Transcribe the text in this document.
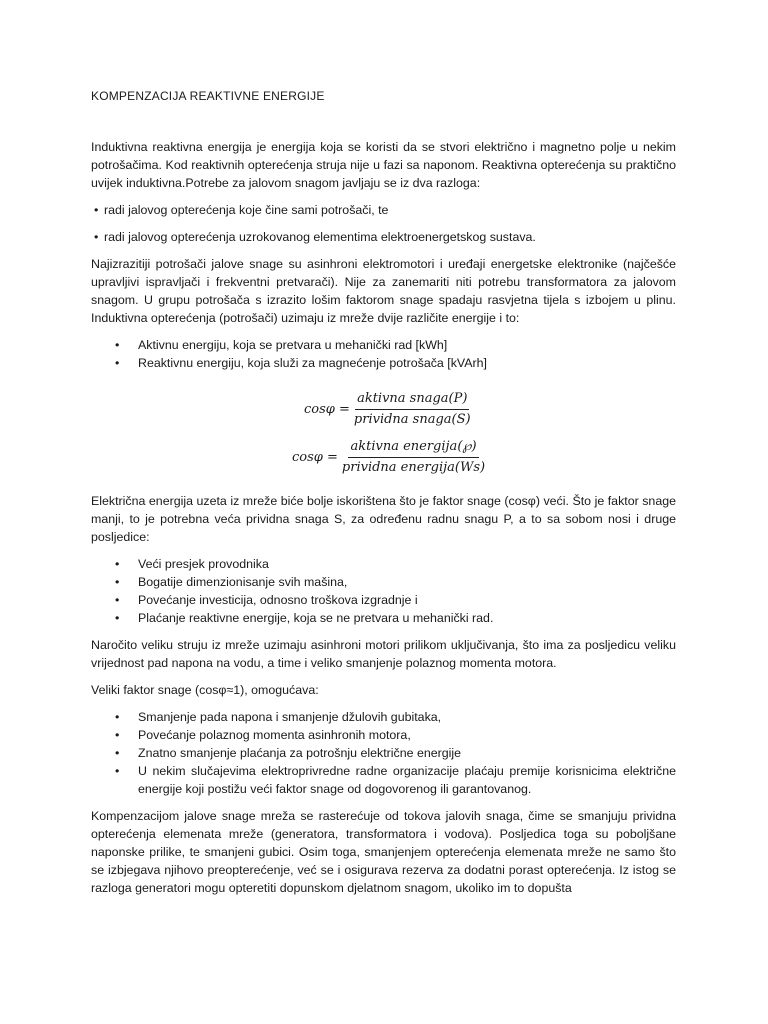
KOMPENZACIJA REAKTIVNE ENERGIJE

Induktivna reaktivna energija je energija koja se koristi da se stvori električno i magnetno polje u nekim potrošačima. Kod reaktivnih opterećenja struja nije u fazi sa naponom. Reaktivna opterećenja su praktično uvijek induktivna.Potrebe za jalovom snagom javljaju se iz dva razloga:

• radi jalovog opterećenja koje čine sami potrošači, te
• radi jalovog opterećenja uzrokovanog elementima elektroenergetskog sustava.

Najizrazitiji potrošači jalove snage su asinhroni elektromotori i uređaji energetske elektronike (najčešće upravljivi ispravljači i frekventni pretvarači). Nije za zanemariti niti potrebu transformatora za jalovom snagom. U grupu potrošača s izrazito lošim faktorom snage spadaju rasvjetna tijela s izbojem u plinu. Induktivna opterećenja (potrošači) uzimaju iz mreže dvije različite energije i to:

• Aktivnu energiju, koja se pretvara u mehanički rad [kWh]
• Reaktivnu energiju, koja služi za magnećenje potrošača [kVArh]
$\cos\varphi = \frac{\text{aktivna snaga(P)}}{\text{prividna snaga(S)}}$
$\cos\varphi = \frac{\text{aktivna energija(℘)}}{\text{prividna energija(Ws)}}$

Električna energija uzeta iz mreže biće bolje iskorištena što je faktor snage (cosφ) veći. Što je faktor snage manji, to je potrebna veća prividna snaga S, za određenu radnu snagu P, a to sa sobom nosi i druge posljedice:

• Veći presjek provodnika
• Bogatije dimenzionisanje svih mašina,
• Povećanje investicija, odnosno troškova izgradnje i
• Plaćanje reaktivne energije, koja se ne pretvara u mehanički rad.

Naročito veliku struju iz mreže uzimaju asinhroni motori prilikom uključivanja, što ima za posljedicu veliku vrijednost pad napona na vodu, a time i veliko smanjenje polaznog momenta motora.

Veliki faktor snage (cosφ≈1), omogućava:

• Smanjenje pada napona i smanjenje džulovih gubitaka,
• Povećanje polaznog momenta asinhronih motora,
• Znatno smanjenje plaćanja za potrošnju električne energije
• U nekim slučajevima elektroprivredne radne organizacije plaćaju premije korisnicima električne energije koji postižu veći faktor snage od dogovorenog ili garantovanog.

Kompenzacijom jalove snage mreža se rasterećuje od tokova jalovih snaga, čime se smanjuju prividna opterećenja elemenata mreže (generatora, transformatora i vodova). Posljedica toga su poboljšane naponske prilike, te smanjeni gubici. Osim toga, smanjenjem opterećenja elemenata mreže ne samo što se izbjegava njihovo preopterećenje, već se i osigurava rezerva za dodatni porast opterećenja. Iz istog se razloga generatori mogu opteretiti dopunskom djelatnom snagom, ukoliko im to dopušta
